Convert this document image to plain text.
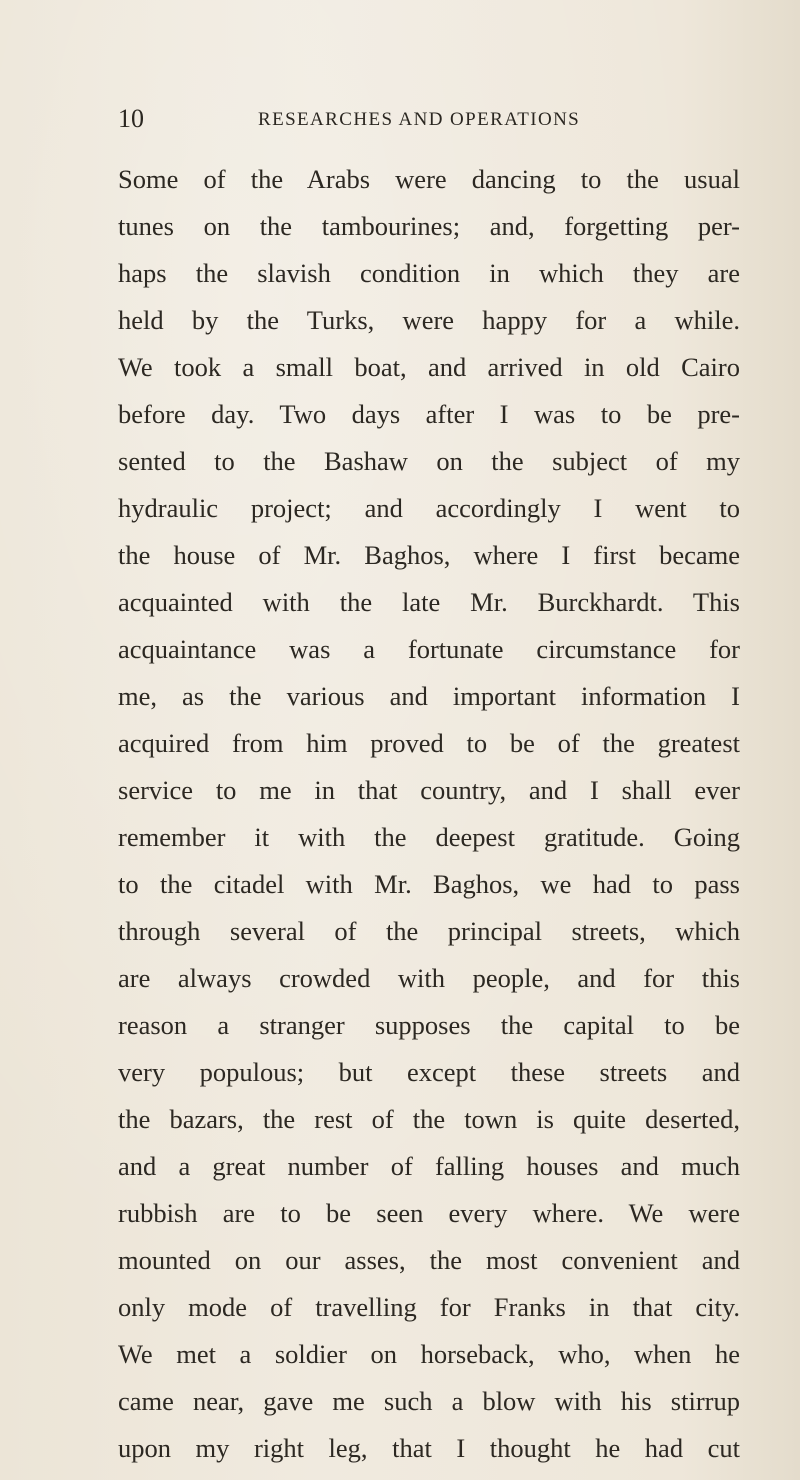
10	RESEARCHES AND OPERATIONS
Some of the Arabs were dancing to the usual
tunes on the tambourines; and, forgetting per-
haps the slavish condition in which they are
held by the Turks, were happy for a while.
We took a small boat, and arrived in old Cairo
before day. Two days after I was to be pre-
sented to the Bashaw on the subject of my
hydraulic project; and accordingly I went to
the house of Mr. Baghos, where I first became
acquainted with the late Mr. Burckhardt. This
acquaintance was a fortunate circumstance for
me, as the various and important information I
acquired from him proved to be of the greatest
service to me in that country, and I shall ever
remember it with the deepest gratitude. Going
to the citadel with Mr. Baghos, we had to pass
through several of the principal streets, which
are always crowded with people, and for this
reason a stranger supposes the capital to be
very populous; but except these streets and
the bazars, the rest of the town is quite deserted,
and a great number of falling houses and much
rubbish are to be seen every where. We were
mounted on our asses, the most convenient and
only mode of travelling for Franks in that city.
We met a soldier on horseback, who, when he
came near, gave me such a blow with his stirrup
upon my right leg, that I thought he had cut
